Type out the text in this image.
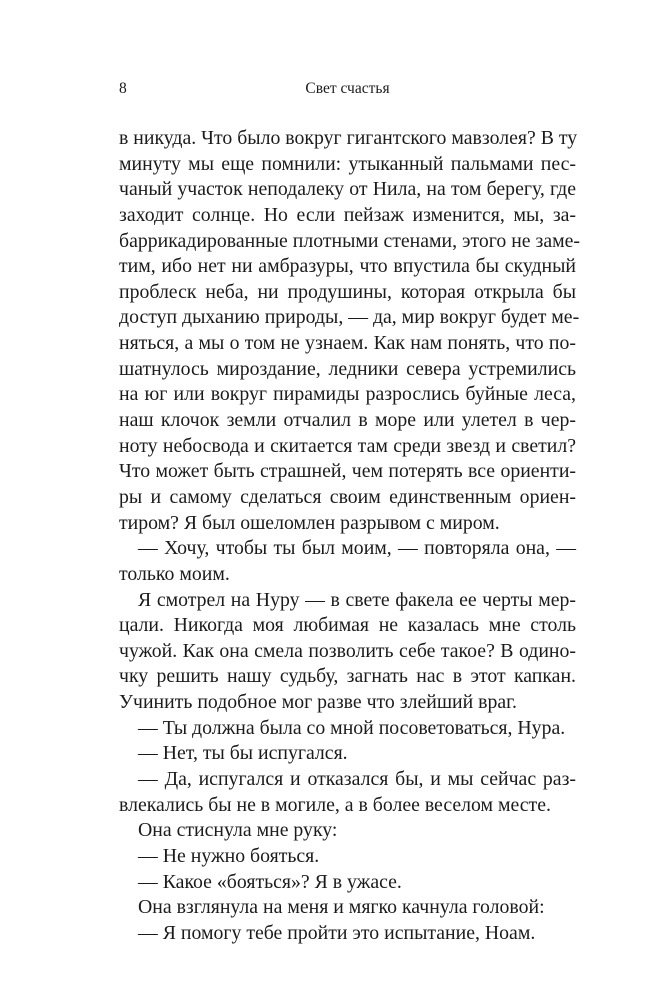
8	Свет счастья
в никуда. Что было вокруг гигантского мавзолея? В ту
минуту мы еще помнили: утыканный пальмами пес-
чаный участок неподалеку от Нила, на том берегу, где
заходит солнце. Но если пейзаж изменится, мы, за-
баррикадированные плотными стенами, этого не заме-
тим, ибо нет ни амбразуры, что впустила бы скудный
проблеск неба, ни продушины, которая открыла бы
доступ дыханию природы, — да, мир вокруг будет ме-
няться, а мы о том не узнаем. Как нам понять, что по-
шатнулось мироздание, ледники севера устремились
на юг или вокруг пирамиды разрослись буйные леса,
наш клочок земли отчалил в море или улетел в чер-
ноту небосвода и скитается там среди звезд и светил?
Что может быть страшней, чем потерять все ориенти-
ры и самому сделаться своим единственным ориен-
тиром? Я был ошеломлен разрывом с миром.
— Хочу, чтобы ты был моим, — повторяла она, —
только моим.
Я смотрел на Нуру — в свете факела ее черты мер-
цали. Никогда моя любимая не казалась мне столь
чужой. Как она смела позволить себе такое? В одино-
чку решить нашу судьбу, загнать нас в этот капкан.
Учинить подобное мог разве что злейший враг.
— Ты должна была со мной посоветоваться, Нура.
— Нет, ты бы испугался.
— Да, испугался и отказался бы, и мы сейчас раз-
влекались бы не в могиле, а в более веселом месте.
Она стиснула мне руку:
— Не нужно бояться.
— Какое «бояться»? Я в ужасе.
Она взглянула на меня и мягко качнула головой:
— Я помогу тебе пройти это испытание, Ноам.
